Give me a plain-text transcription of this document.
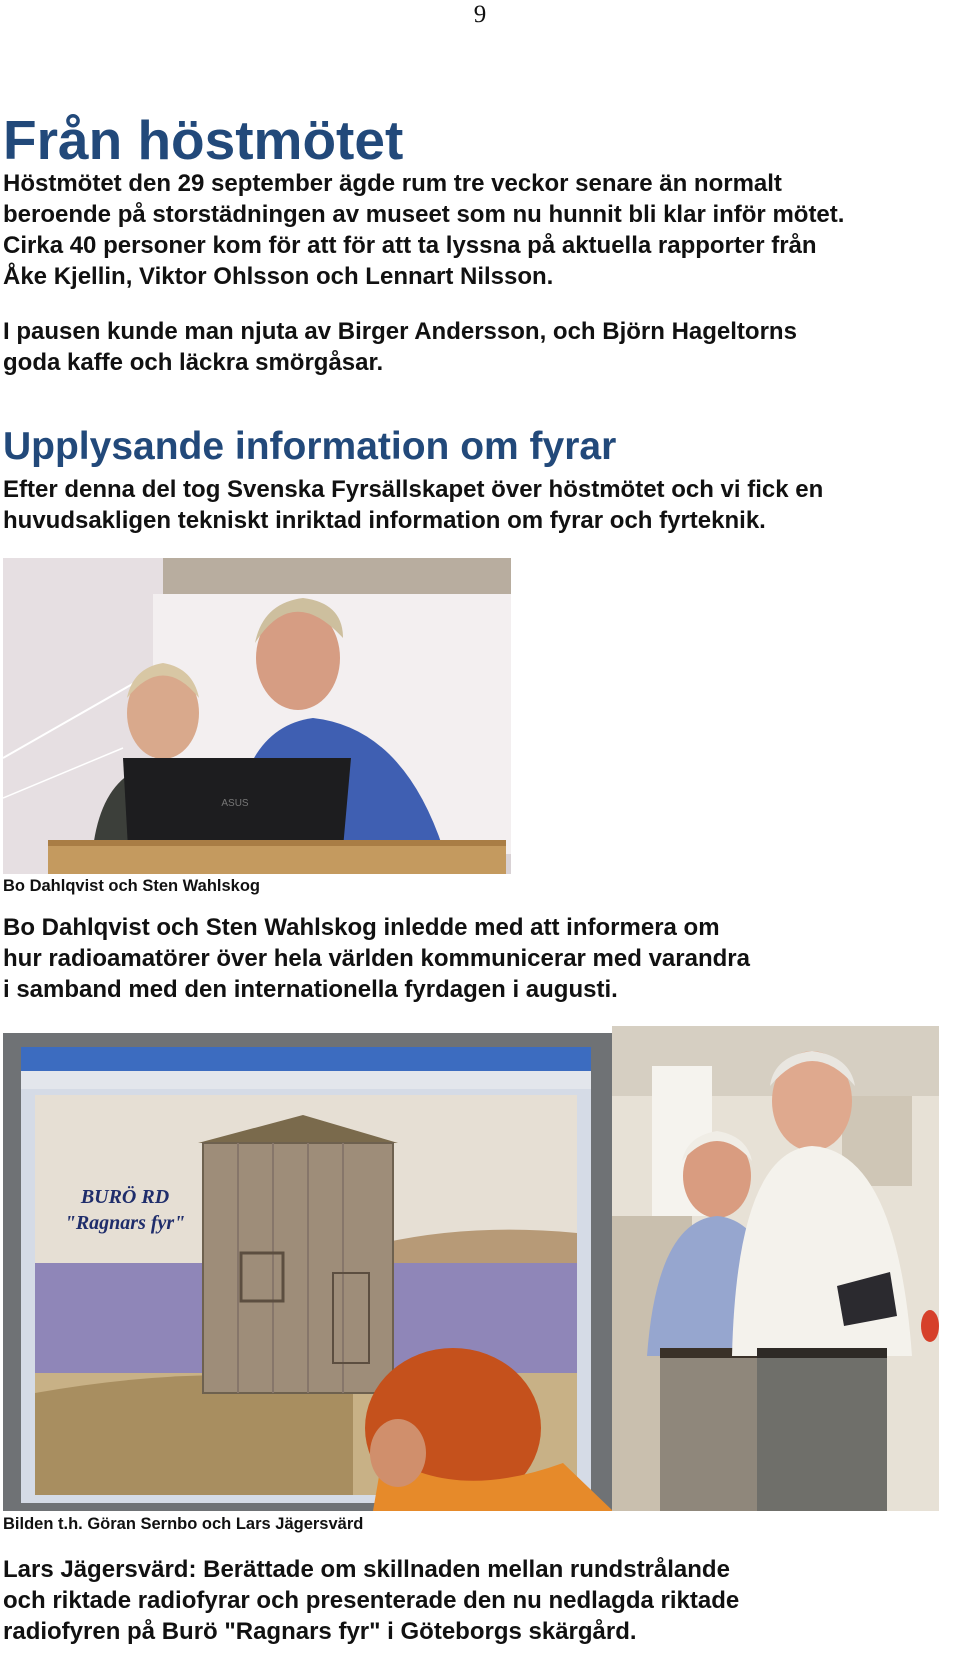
9
Från höstmötet

Höstmötet den 29 september ägde rum tre veckor senare än normalt
beroende på storstädningen av museet som nu hunnit bli klar inför mötet.
Cirka 40 personer kom för att för att ta lyssna på aktuella rapporter från
Åke Kjellin, Viktor Ohlsson och Lennart Nilsson.

I pausen kunde man njuta av Birger Andersson, och Björn Hageltorns
goda kaffe och läckra smörgåsar.

Upplysande information om fyrar

Efter denna del tog Svenska Fyrsällskapet över höstmötet och vi fick en
huvudsakligen tekniskt inriktad information om fyrar och fyrteknik.

ASUS

Bo Dahlqvist och Sten Wahlskog

Bo Dahlqvist och Sten Wahlskog inledde med att informera om
hur radioamatörer över hela världen kommunicerar med varandra
i samband med den internationella fyrdagen i augusti.

BURÖ RD
"Ragnars fyr"

Bilden t.h. Göran Sernbo och Lars Jägersvärd

Lars Jägersvärd: Berättade om skillnaden mellan rundstrålande
och riktade radiofyrar och presenterade den nu nedlagda riktade
radiofyren på Burö "Ragnars fyr" i Göteborgs skärgård.
